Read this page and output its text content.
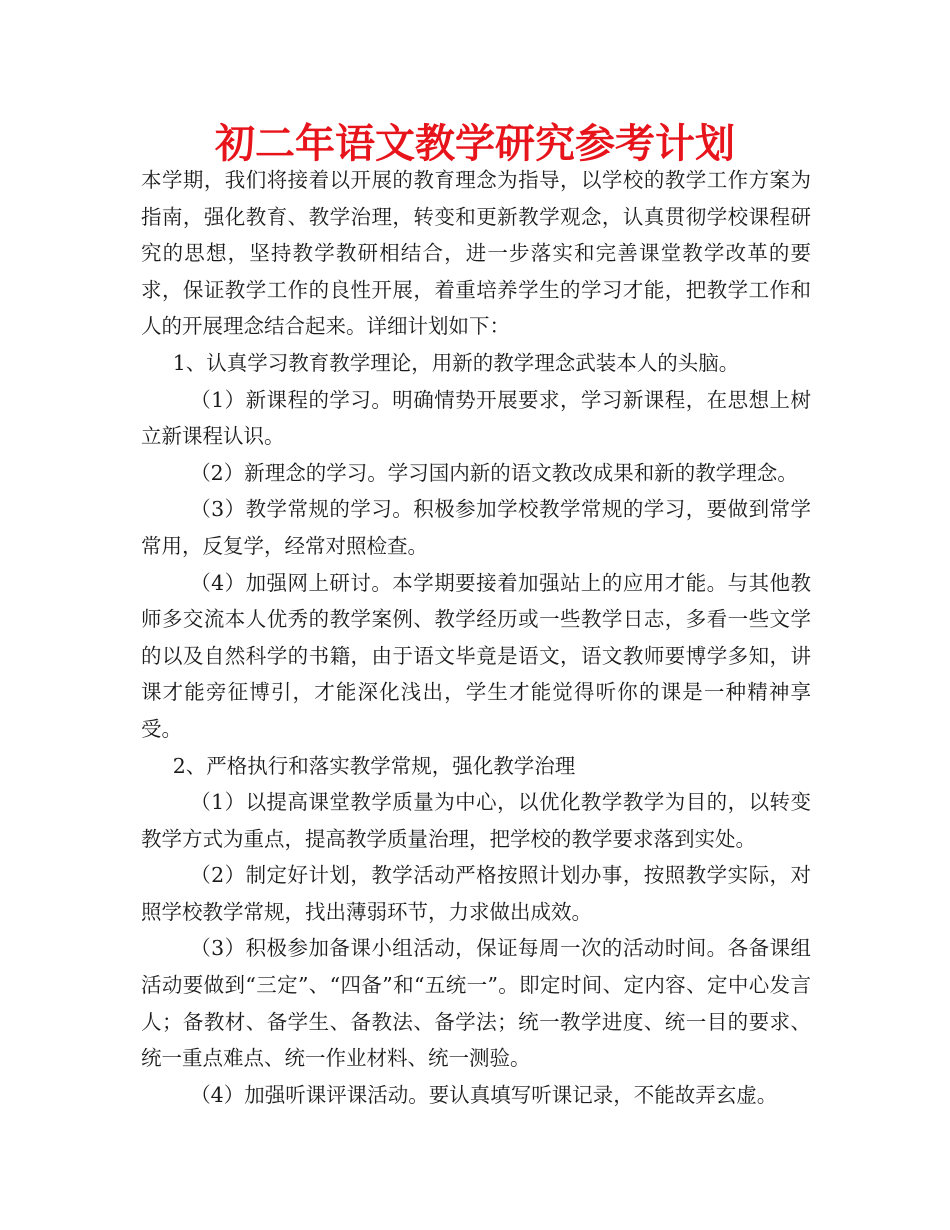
初二年语文教学研究参考计划

本学期，我们将接着以开展的教育理念为指导，以学校的教学工作方案为指南，强化教育、教学治理，转变和更新教学观念，认真贯彻学校课程研究的思想，坚持教学教研相结合，进一步落实和完善课堂教学改革的要求，保证教学工作的良性开展，着重培养学生的学习才能，把教学工作和人的开展理念结合起来。详细计划如下：

1、认真学习教育教学理论，用新的教学理念武装本人的头脑。

（1）新课程的学习。明确情势开展要求，学习新课程，在思想上树立新课程认识。

（2）新理念的学习。学习国内新的语文教改成果和新的教学理念。

（3）教学常规的学习。积极参加学校教学常规的学习，要做到常学常用，反复学，经常对照检查。

（4）加强网上研讨。本学期要接着加强站上的应用才能。与其他教师多交流本人优秀的教学案例、教学经历或一些教学日志，多看一些文学的以及自然科学的书籍，由于语文毕竟是语文，语文教师要博学多知，讲课才能旁征博引，才能深化浅出，学生才能觉得听你的课是一种精神享受。

2、严格执行和落实教学常规，强化教学治理

（1）以提高课堂教学质量为中心，以优化教学教学为目的，以转变教学方式为重点，提高教学质量治理，把学校的教学要求落到实处。

（2）制定好计划，教学活动严格按照计划办事，按照教学实际，对照学校教学常规，找出薄弱环节，力求做出成效。

（3）积极参加备课小组活动，保证每周一次的活动时间。各备课组活动要做到“三定”、“四备”和“五统一”。即定时间、定内容、定中心发言人；备教材、备学生、备教法、备学法；统一教学进度、统一目的要求、统一重点难点、统一作业材料、统一测验。

（4）加强听课评课活动。要认真填写听课记录，不能故弄玄虚。
